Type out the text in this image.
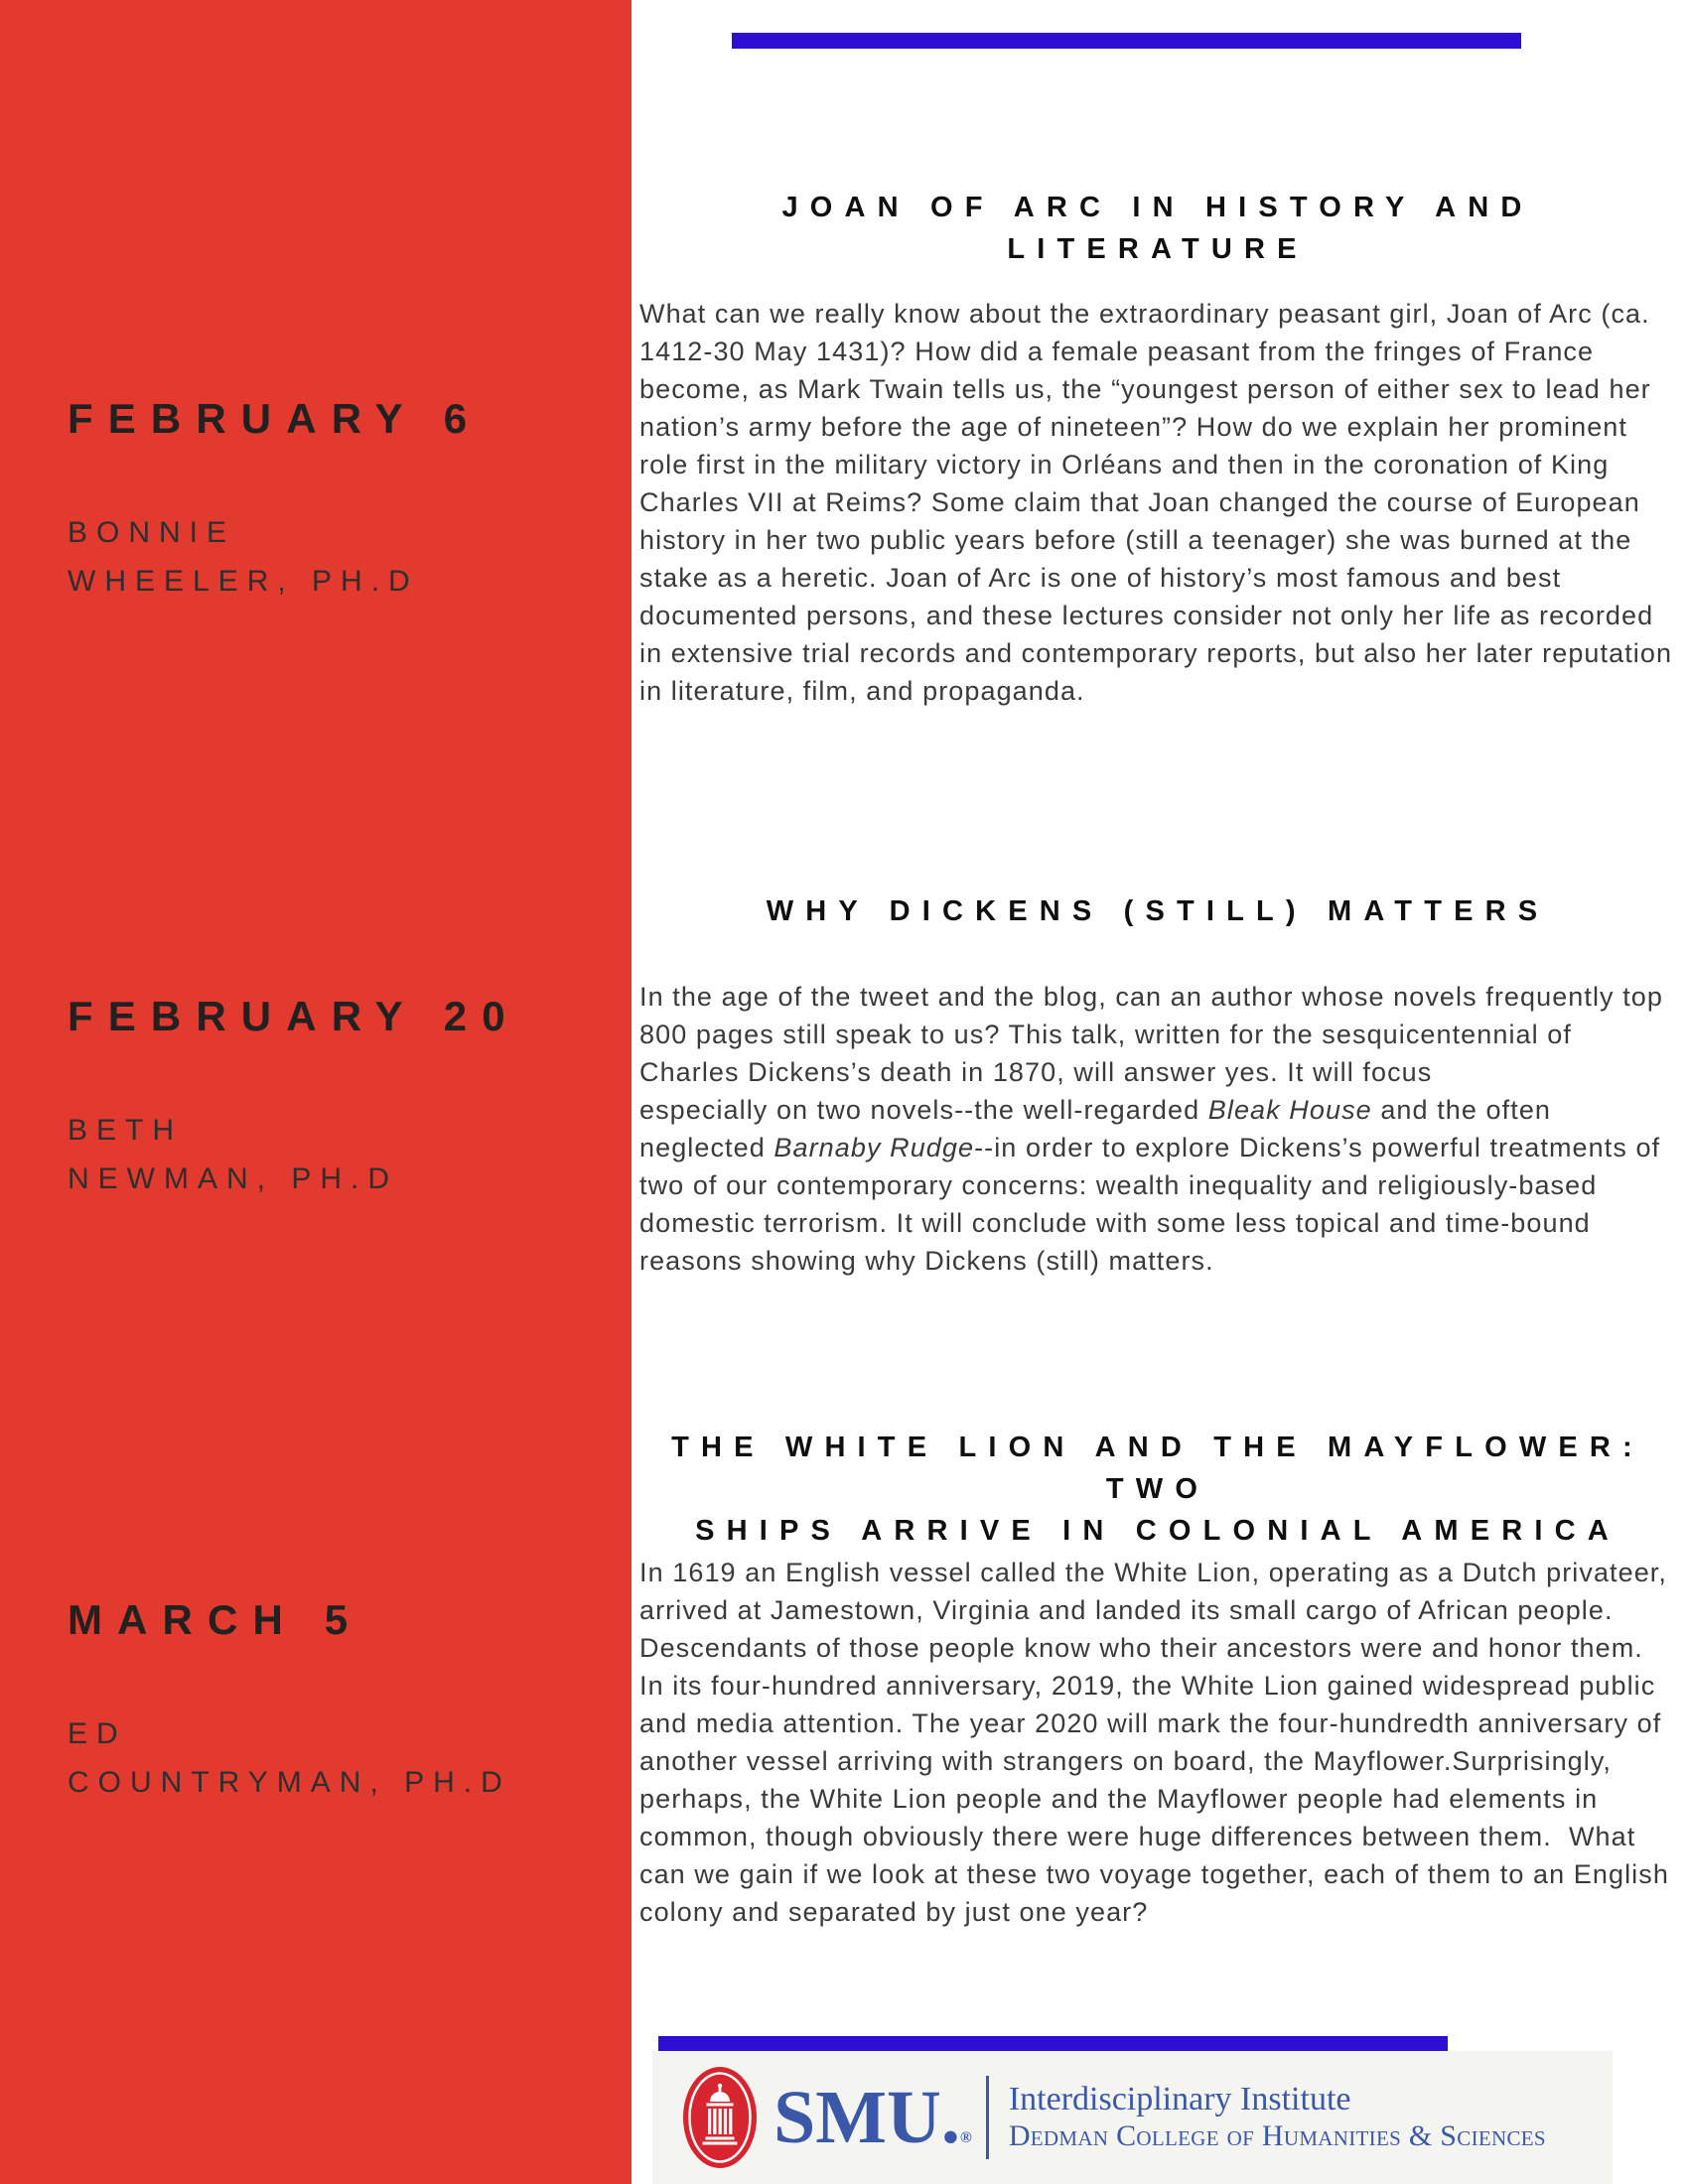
FEBRUARY 6
BONNIE
WHEELER, PH.D
FEBRUARY 20
BETH
NEWMAN, PH.D
MARCH 5
ED
COUNTRYMAN, PH.D
JOAN OF ARC IN HISTORY AND
LITERATURE
What can we really know about the extraordinary peasant girl, Joan of Arc (ca. 1412-30 May 1431)? How did a female peasant from the fringes of France become, as Mark Twain tells us, the “youngest person of either sex to lead her nation’s army before the age of nineteen”? How do we explain her prominent role first in the military victory in Orléans and then in the coronation of King Charles VII at Reims? Some claim that Joan changed the course of European history in her two public years before (still a teenager) she was burned at the stake as a heretic. Joan of Arc is one of history’s most famous and best documented persons, and these lectures consider not only her life as recorded in extensive trial records and contemporary reports, but also her later reputation in literature, film, and propaganda.
WHY DICKENS (STILL) MATTERS
In the age of the tweet and the blog, can an author whose novels frequently top 800 pages still speak to us? This talk, written for the sesquicentennial of Charles Dickens’s death in 1870, will answer yes. It will focus
especially on two novels--the well-regarded Bleak House and the often neglected Barnaby Rudge--in order to explore Dickens’s powerful treatments of two of our contemporary concerns: wealth inequality and religiously-based domestic terrorism. It will conclude with some less topical and time-bound reasons showing why Dickens (still) matters.
THE WHITE LION AND THE MAYFLOWER: TWO
SHIPS ARRIVE IN COLONIAL AMERICA
In 1619 an English vessel called the White Lion, operating as a Dutch privateer, arrived at Jamestown, Virginia and landed its small cargo of African people.  Descendants of those people know who their ancestors were and honor them.  In its four-hundred anniversary, 2019, the White Lion gained widespread public and media attention. The year 2020 will mark the four-hundredth anniversary of another vessel arriving with strangers on board, the Mayflower.Surprisingly, perhaps, the White Lion people and the Mayflower people had elements in common, though obviously there were huge differences between them.  What can we gain if we look at these two voyage together, each of them to an English colony and separated by just one year?
SMU.®
Interdisciplinary Institute
Dedman College of Humanities & Sciences
